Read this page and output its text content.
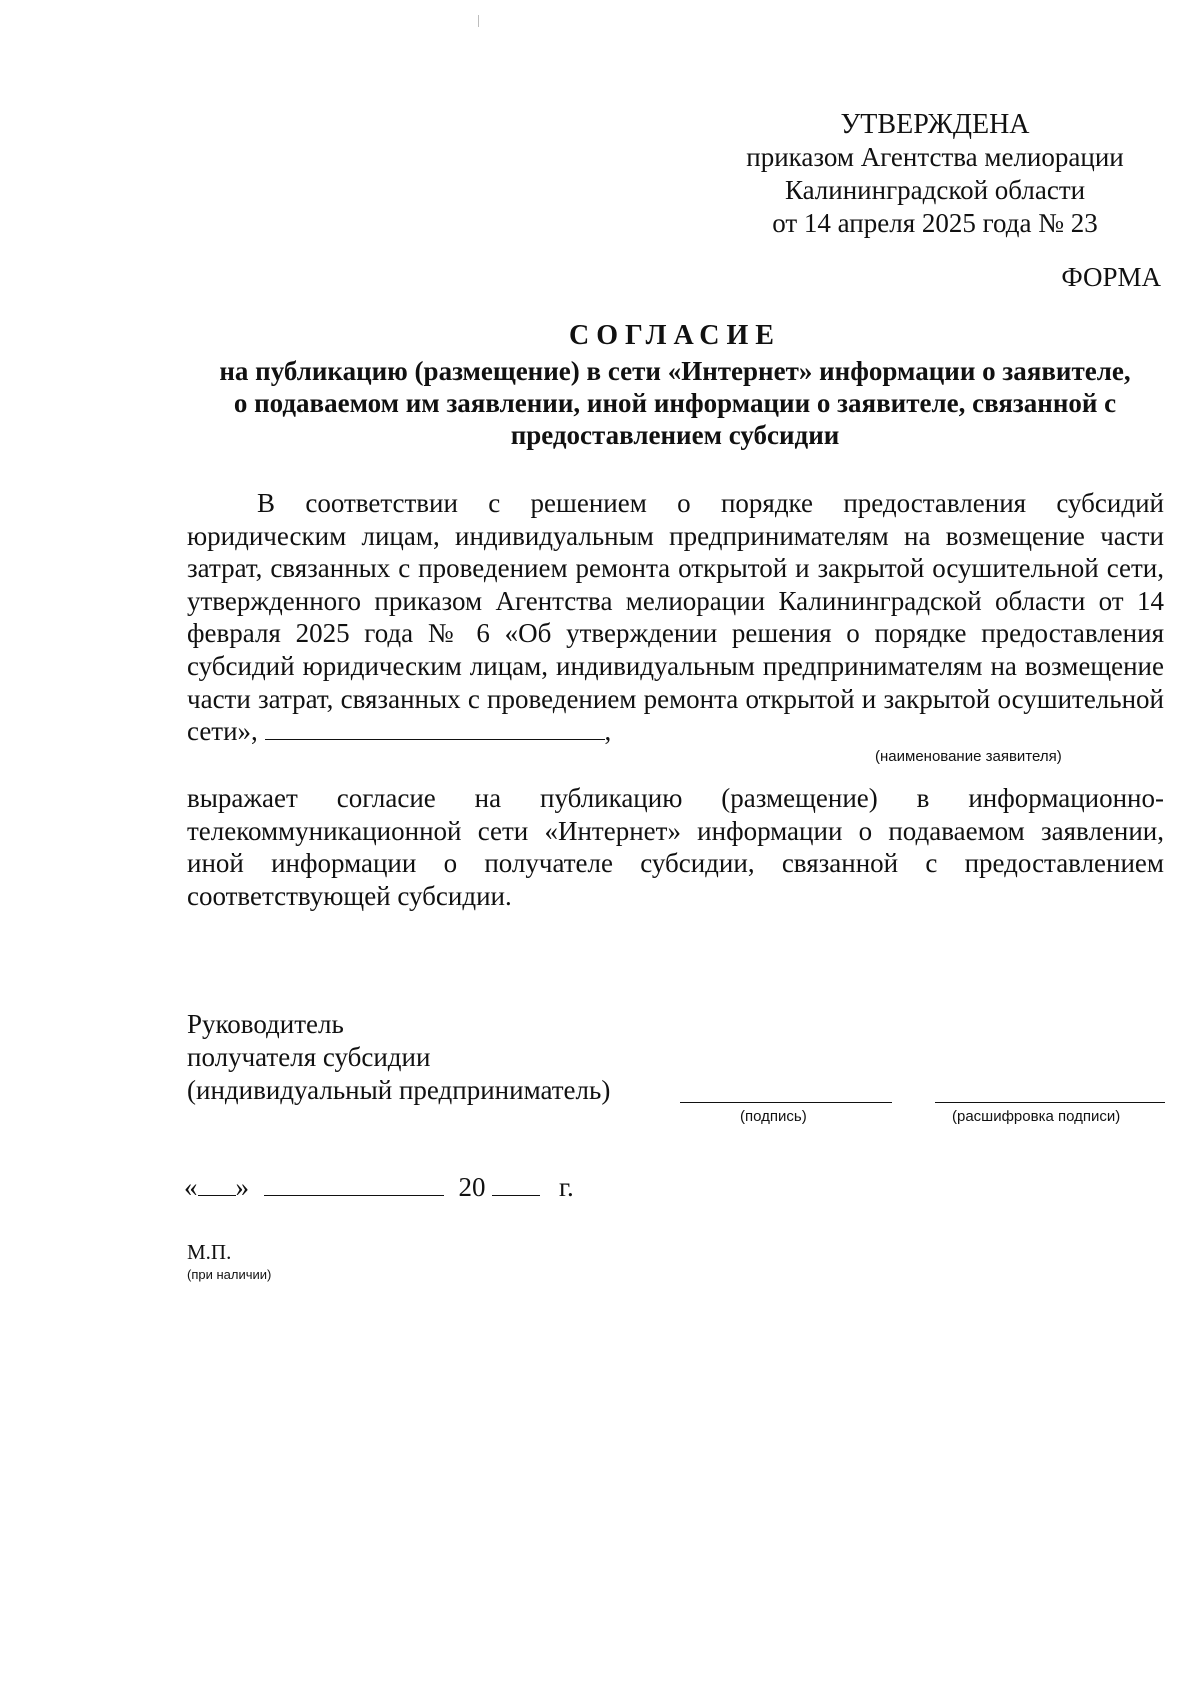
УТВЕРЖДЕНА
приказом Агентства мелиорации
Калининградской области
от 14 апреля 2025 года № 23
ФОРМА
СОГЛАСИЕ
на публикацию (размещение) в сети «Интернет» информации о заявителе,
о подаваемом им заявлении, иной информации о заявителе, связанной с
предоставлением субсидии
В соответствии с решением о порядке предоставления субсидий юридическим лицам, индивидуальным предпринимателям на возмещение части затрат, связанных с проведением ремонта открытой и закрытой осушительной сети, утвержденного приказом Агентства мелиорации Калининградской области от 14 февраля 2025 года № 6 «Об утверждении решения о порядке предоставления субсидий юридическим лицам, индивидуальным предпринимателям на возмещение части затрат, связанных с проведением ремонта открытой и закрытой осушительной сети»,	,
(наименование заявителя)
выражает согласие на публикацию (размещение) в информационно-телекоммуникационной сети «Интернет» информации о подаваемом заявлении, иной информации о получателе субсидии, связанной с предоставлением соответствующей субсидии.
Руководитель
получателя субсидии
(индивидуальный предприниматель)
(подпись)	(расшифровка подписи)
« »	20	г.
М.П.
(при наличии)
